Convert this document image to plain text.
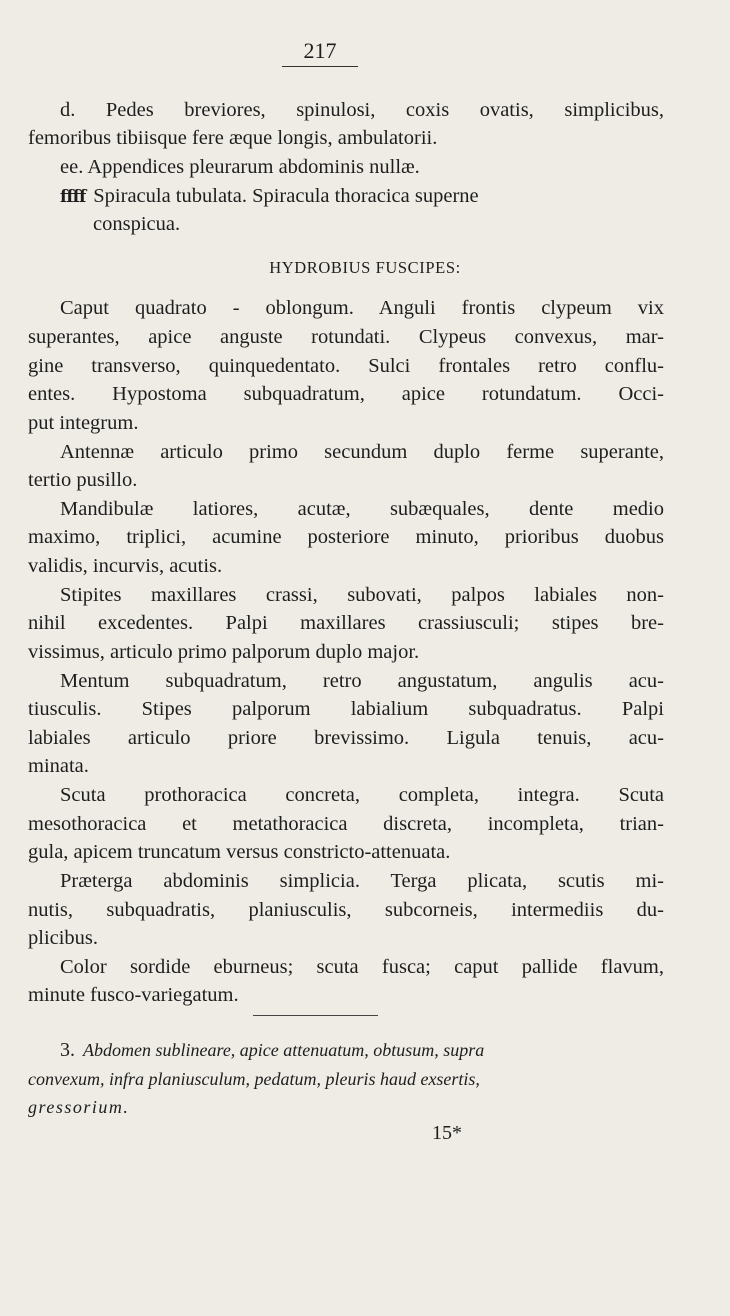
217
d. Pedes breviores, spinulosi, coxis ovatis, simplicibus,
femoribus tibiisque fere æque longis, ambulatorii.
ee. Appendices pleurarum abdominis nullæ.
ffff Spiracula tubulata. Spiracula thoracica superne
conspicua.
HYDROBIUS FUSCIPES:
Caput quadrato - oblongum. Anguli frontis clypeum vix
superantes, apice anguste rotundati. Clypeus convexus, mar-
gine transverso, quinquedentato. Sulci frontales retro conflu-
entes. Hypostoma subquadratum, apice rotundatum. Occi-
put integrum.
Antennæ articulo primo secundum duplo ferme superante,
tertio pusillo.
Mandibulæ latiores, acutæ, subæquales, dente medio
maximo, triplici, acumine posteriore minuto, prioribus duobus
validis, incurvis, acutis.
Stipites maxillares crassi, subovati, palpos labiales non-
nihil excedentes. Palpi maxillares crassiusculi; stipes bre-
vissimus, articulo primo palporum duplo major.
Mentum subquadratum, retro angustatum, angulis acu-
tiusculis. Stipes palporum labialium subquadratus. Palpi
labiales articulo priore brevissimo. Ligula tenuis, acu-
minata.
Scuta prothoracica concreta, completa, integra. Scuta
mesothoracica et metathoracica discreta, incompleta, trian-
gula, apicem truncatum versus constricto-attenuata.
Præterga abdominis simplicia. Terga plicata, scutis mi-
nutis, subquadratis, planiusculis, subcorneis, intermediis du-
plicibus.
Color sordide eburneus; scuta fusca; caput pallide flavum,
minute fusco-variegatum.
3. Abdomen sublineare, apice attenuatum, obtusum, supra
convexum, infra planiusculum, pedatum, pleuris haud exsertis,
gressorium.
15*
